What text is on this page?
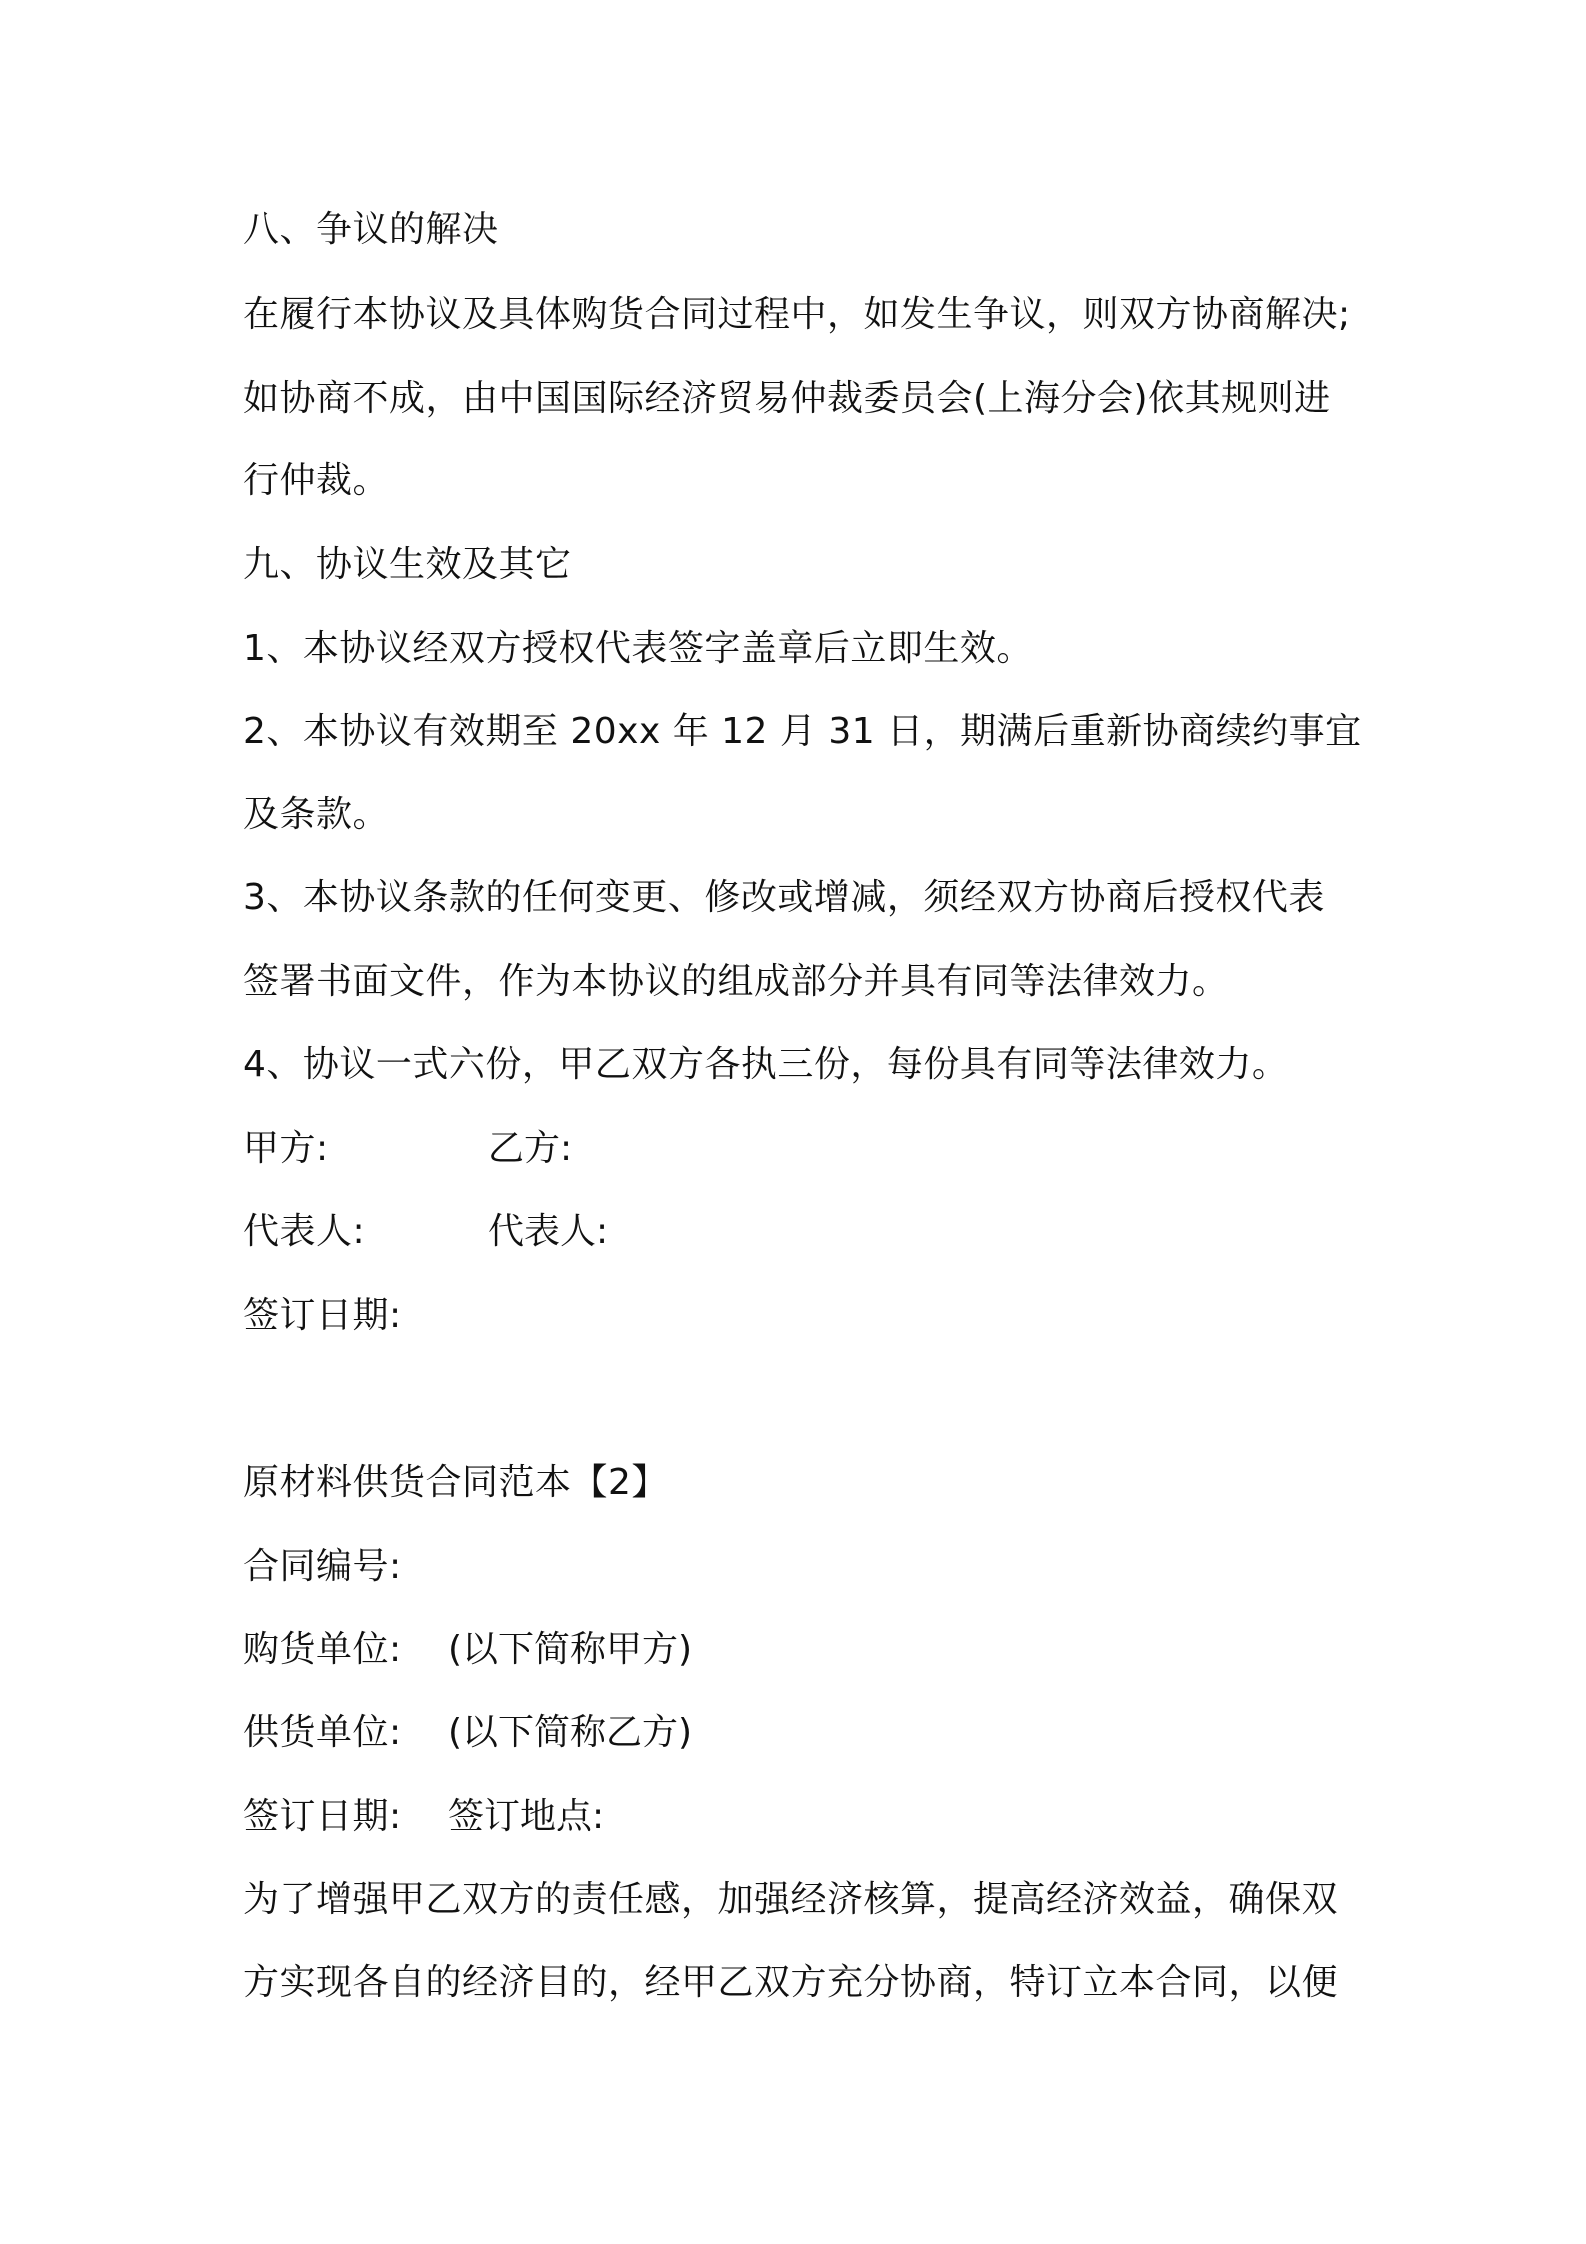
八、争议的解决
在履行本协议及具体购货合同过程中，如发生争议，则双方协商解决;
如协商不成，由中国国际经济贸易仲裁委员会(上海分会)依其规则进
行仲裁。
九、协议生效及其它
1、本协议经双方授权代表签字盖章后立即生效。
2、本协议有效期至 20xx 年 12 月 31 日，期满后重新协商续约事宜
及条款。
3、本协议条款的任何变更、修改或增减，须经双方协商后授权代表
签署书面文件，作为本协议的组成部分并具有同等法律效力。
4、协议一式六份，甲乙双方各执三份，每份具有同等法律效力。
甲方:	乙方:
代表人:	代表人:
签订日期:
原材料供货合同范本【2】
合同编号:
购货单位: (以下简称甲方)
供货单位: (以下简称乙方)
签订日期: 签订地点:
为了增强甲乙双方的责任感，加强经济核算，提高经济效益，确保双
方实现各自的经济目的，经甲乙双方充分协商，特订立本合同，以便
